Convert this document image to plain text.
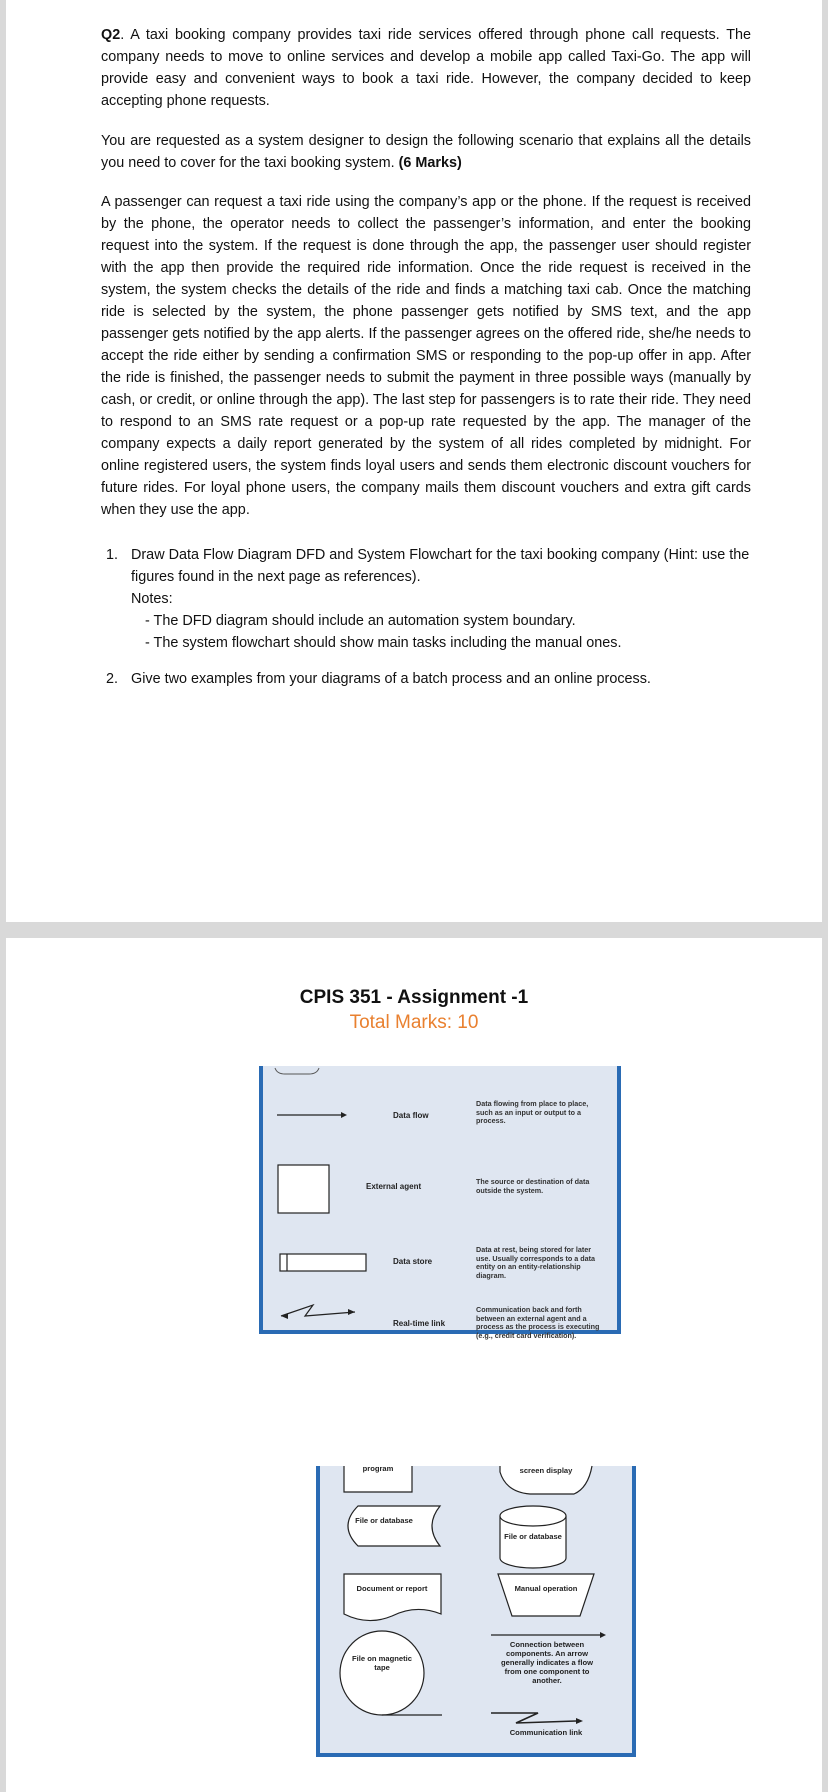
Q2. A taxi booking company provides taxi ride services offered through phone call requests. The company needs to move to online services and develop a mobile app called Taxi-Go. The app will provide easy and convenient ways to book a taxi ride. However, the company decided to keep accepting phone requests.

You are requested as a system designer to design the following scenario that explains all the details you need to cover for the taxi booking system. (6 Marks)

A passenger can request a taxi ride using the company’s app or the phone. If the request is received by the phone, the operator needs to collect the passenger’s information, and enter the booking request into the system. If the request is done through the app, the passenger user should register with the app then provide the required ride information. Once the ride request is received in the system, the system checks the details of the ride and finds a matching taxi cab. Once the matching ride is selected by the system, the phone passenger gets notified by SMS text, and the app passenger gets notified by the app alerts. If the passenger agrees on the offered ride, she/he needs to accept the ride either by sending a confirmation SMS or responding to the pop-up offer in app. After the ride is finished, the passenger needs to submit the payment in three possible ways (manually by cash, or credit, or online through the app). The last step for passengers is to rate their ride. They need to respond to an SMS rate request or a pop-up rate requested by the app. The manager of the company expects a daily report generated by the system of all rides completed by midnight. For online registered users, the system finds loyal users and sends them electronic discount vouchers for future rides. For loyal phone users, the company mails them discount vouchers and extra gift cards when they use the app.

1. Draw Data Flow Diagram DFD and System Flowchart for the taxi booking company (Hint: use the figures found in the next page as references).
Notes:
- The DFD diagram should include an automation system boundary.
- The system flowchart should show main tasks including the manual ones.
2. Give two examples from your diagrams of a batch process and an online process.
CPIS 351 - Assignment -1
Total Marks: 10
Data flow
Data flowing from place to place, such as an input or output to a process.
External agent
The source or destination of data outside the system.
Data store
Data at rest, being stored for later use. Usually corresponds to a data entity on an entity-relationship diagram.
Real-time link
Communication back and forth between an external agent and a process as the process is executing (e.g., credit card verification).
program	screen display
File or database
File or database
Document or report	Manual operation
File on magnetic tape
Connection between components. An arrow generally indicates a flow from one component to another.
Communication link
